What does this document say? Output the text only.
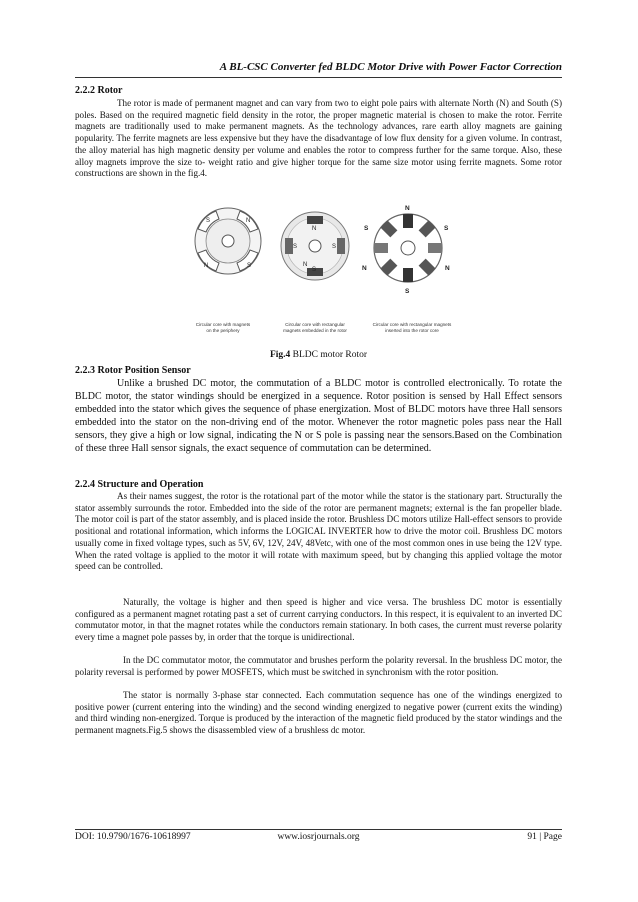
A BL-CSC Converter fed BLDC Motor Drive with Power Factor Correction
2.2.2 Rotor
The rotor is made of permanent magnet and can vary from two to eight pole pairs with alternate North (N) and South (S) poles. Based on the required magnetic field density in the rotor, the proper magnetic material is chosen to make the rotor. Ferrite magnets are traditionally used to make permanent magnets. As the technology advances, rare earth alloy magnets are gaining popularity. The ferrite magnets are less expensive but they have the disadvantage of low flux density for a given volume. In contrast, the alloy material has high magnetic density per volume and enables the rotor to compress further for the same torque. Also, these alloy magnets improve the size to- weight ratio and give higher torque for the same size motor using ferrite magnets. Some rotor constructions are shown in the fig.4.
S	N
N	S
N
S	S
N
S
N
S	S
N	N
S
Circular core with magnets
on the periphery
Circular core with rectangular
magnets embedded in the rotor
Circular core with rectangular magnets
inserted into the rotor core
Fig.4 BLDC motor Rotor
2.2.3 Rotor Position Sensor
Unlike a brushed DC motor, the commutation of a BLDC motor is controlled electronically. To rotate the BLDC motor, the stator windings should be energized in a sequence. Rotor position is sensed by Hall Effect sensors embedded into the stator which gives the sequence of phase energization. Most of BLDC motors have three Hall sensors embedded into the stator on the non-driving end of the motor. Whenever the rotor magnetic poles pass near the Hall sensors, they give a high or low signal, indicating the N or S pole is passing near the sensors.Based on the Combination of these three Hall sensor signals, the exact sequence of commutation can be determined.
2.2.4 Structure and Operation
As their names suggest, the rotor is the rotational part of the motor while the stator is the stationary part. Structurally the stator assembly surrounds the rotor. Embedded into the side of the rotor are permanent magnets; external is the fan propeller blade. The motor coil is part of the stator assembly, and is placed inside the rotor. Brushless DC motors utilize Hall-effect sensors to provide positional and rotational information, which informs the LOGICAL INVERTER how to drive the motor coil. Brushless DC motors usually come in fixed voltage types, such as 5V, 6V, 12V, 24V, 48Vetc, with one of the most common ones in use being the 12V type. When the rated voltage is applied to the motor it will rotate with maximum speed, but by changing this applied voltage the motor speed can be controlled.
Naturally, the voltage is higher and then speed is higher and vice versa. The brushless DC motor is essentially configured as a permanent magnet rotating past a set of current carrying conductors. In this respect, it is equivalent to an inverted DC commutator motor, in that the magnet rotates while the conductors remain stationary. In both cases, the current must reverse polarity every time a magnet pole passes by, in order that the torque is unidirectional.
In the DC commutator motor, the commutator and brushes perform the polarity reversal. In the brushless DC motor, the polarity reversal is performed by power MOSFETS, which must be switched in synchronism with the rotor position.
The stator is normally 3-phase star connected. Each commutation sequence has one of the windings energized to positive power (current entering into the winding) and the second winding energized to negative power (current exits the winding) and third winding non-energized. Torque is produced by the interaction of the magnetic field produced by the stator windings and the permanent magnets.Fig.5 shows the disassembled view of a brushless dc motor.
DOI: 10.9790/1676-10618997	www.iosrjournals.org	91 | Page
